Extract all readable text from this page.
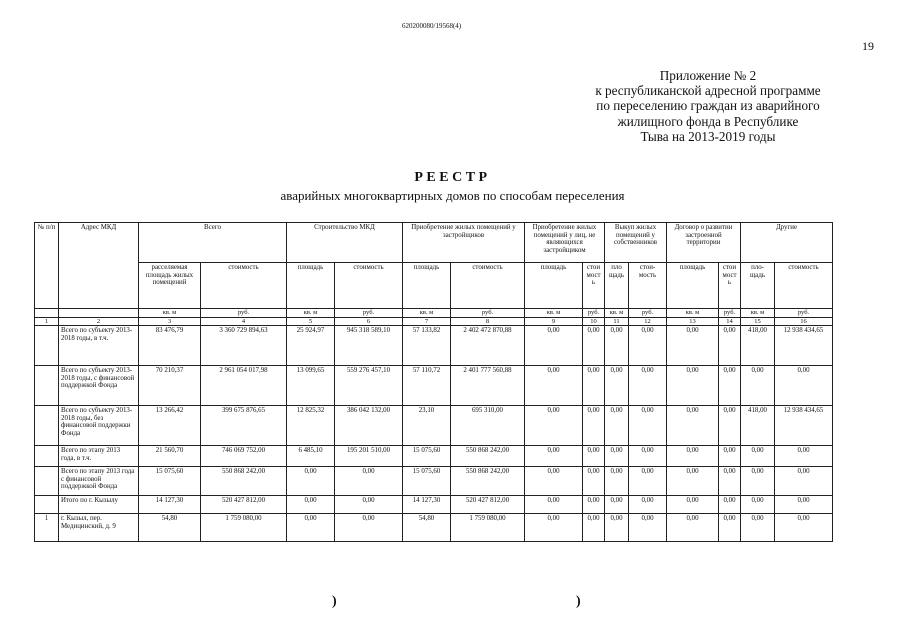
620200080/19568(4)
19
Приложение № 2
к республиканской адресной программе
по переселению граждан из аварийного
жилищного фонда в Республике
Тыва на 2013-2019 годы
РЕЕСТР
аварийных многоквартирных домов по способам переселения
№ п/п	Адрес МКД	Всего		Строительство МКД		Приобретение жилых помещений у застройщиков		Приобретение жилых помещений у лиц, не являющихся застройщиком		Выкуп жилых помещений у собственников		Договор о развитии застроенной территории		Другие	
		расселяемая площадь жилых помещений	стоимость	площадь	стоимость	площадь	стоимость	площадь	стои мост ь	пло щадь	стои- мость	площадь	стои мост ь	пло- щадь	стоимость
		кв. м	руб.	кв. м	руб.	кв. м	руб.	кв. м	руб.	кв. м	руб.	кв. м	руб.	кв. м	руб.
1	2	3	4	5	6	7	8	9	10	11	12	13	14	15	16
	Всего по субъекту 2013-2018 годы, в т.ч.	83 476,79	3 360 729 894,63	25 924,97	945 318 589,10	57 133,82	2 402 472 870,88	0,00	0,00	0,00	0,00	0,00	0,00	418,00	12 938 434,65
	Всего по субъекту 2013-2018 годы, с финансовой поддержкой Фонда	70 210,37	2 961 054 017,98	13 099,65	559 276 457,10	57 110,72	2 401 777 560,88	0,00	0,00	0,00	0,00	0,00	0,00	0,00	0,00
	Всего по субъекту 2013-2018 годы, без финансовой поддержки Фонда	13 266,42	399 675 876,65	12 825,32	386 042 132,00	23,10	695 310,00	0,00	0,00	0,00	0,00	0,00	0,00	418,00	12 938 434,65
	Всего по этапу 2013 года, в т.ч.	21 560,70	746 069 752,00	6 485,10	195 201 510,00	15 075,60	550 868 242,00	0,00	0,00	0,00	0,00	0,00	0,00	0,00	0,00
	Всего по этапу 2013 года с финансовой поддержкой Фонда	15 075,60	550 868 242,00	0,00	0,00	15 075,60	550 868 242,00	0,00	0,00	0,00	0,00	0,00	0,00	0,00	0,00
	Итого по г. Кызылу	14 127,30	520 427 812,00	0,00	0,00	14 127,30	520 427 812,00	0,00	0,00	0,00	0,00	0,00	0,00	0,00	0,00
1	г. Кызыл, пер. Медицинский, д. 9	54,80	1 759 080,00	0,00	0,00	54,80	1 759 080,00	0,00	0,00	0,00	0,00	0,00	0,00	0,00	0,00
)	)
